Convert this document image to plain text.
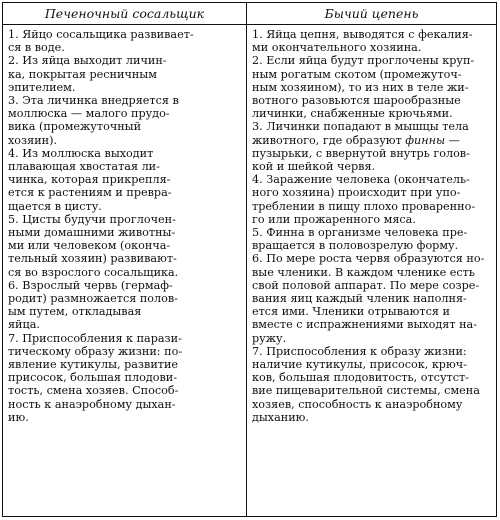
Печеночный сосальщик	Бычий цепень
1. Яйцо сосальщика развивает-
ся в воде.
2. Из яйца выходит личин-
ка, покрытая ресничным
эпителием.
3. Эта личинка внедряется в
моллюска — малого прудо-
вика (промежуточный
хозяин).
4. Из моллюска выходит
плавающая хвостатая ли-
чинка, которая прикрепля-
ется к растениям и превра-
щается в цисту.
5. Цисты будучи проглочен-
ными домашними животны-
ми или человеком (оконча-
тельный хозяин) развивают-
ся во взрослого сосальщика.
6. Взрослый червь (гермаф-
родит) размножается полов-
ым путем, откладывая
яйца.
7. Приспособления к парази-
тическому образу жизни: по-
явление кутикулы, развитие
присосок, большая плодови-
тость, смена хозяев. Способ-
ность к анаэробному дыхан-
ию.
1. Яйца цепня, выводятся с фекалия-
ми окончательного хозяина.
2. Если яйца будут проглочены круп-
ным рогатым скотом (промежуточ-
ным хозяином), то из них в теле жи-
вотного разовьются шарообразные
личинки, снабженные крючьями.
3. Личинки попадают в мышцы тела
животного, где образуют финны —
пузырьки, с ввернутой внутрь голов-
кой и шейкой червя.
4. Заражение человека (окончатель-
ного хозяина) происходит при упо-
треблении в пищу плохо проваренно-
го или прожаренного мяса.
5. Финна в организме человека пре-
вращается в половозрелую форму.
6. По мере роста червя образуются но-
вые членики. В каждом членике есть
свой половой аппарат. По мере созре-
вания яиц каждый членик наполня-
ется ими. Членики отрываются и
вместе с испражнениями выходят на-
ружу.
7. Приспособления к образу жизни:
наличие кутикулы, присосок, крюч-
ков, большая плодовитость, отсутст-
вие пищеварительной системы, смена
хозяев, способность к анаэробному
дыханию.
